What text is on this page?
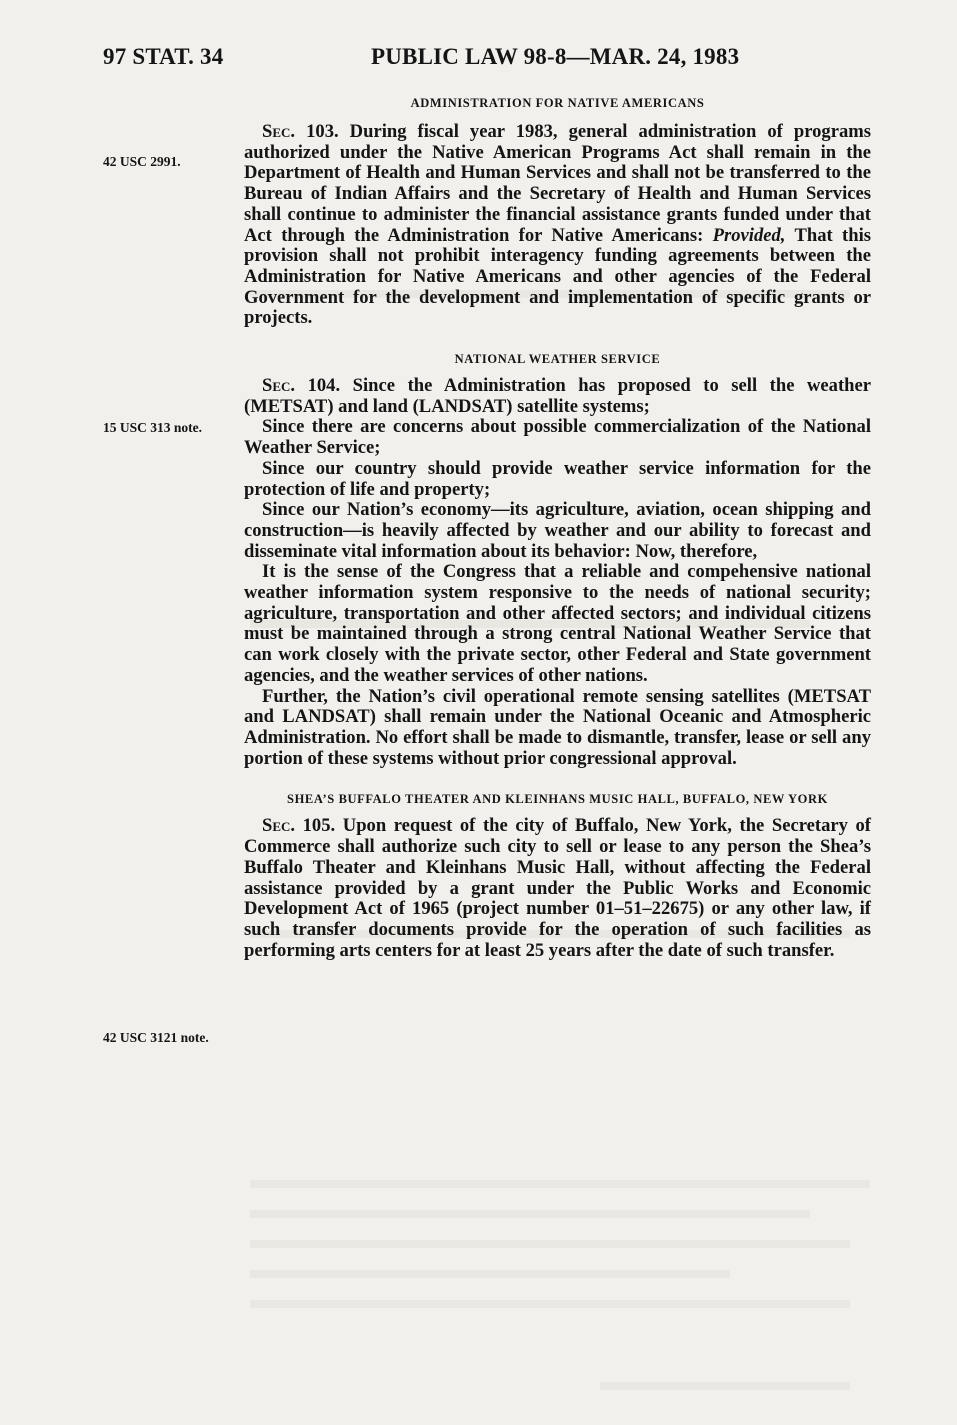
97 STAT. 34	PUBLIC LAW 98-8—MAR. 24, 1983
42 USC 2991.
15 USC 313 note.
42 USC 3121 note.
ADMINISTRATION FOR NATIVE AMERICANS

Sec. 103. During fiscal year 1983, general administration of programs authorized under the Native American Programs Act shall remain in the Department of Health and Human Services and shall not be transferred to the Bureau of Indian Affairs and the Secretary of Health and Human Services shall continue to administer the financial assistance grants funded under that Act through the Administration for Native Americans: Provided, That this provision shall not prohibit interagency funding agreements between the Administration for Native Americans and other agencies of the Federal Government for the development and implementation of specific grants or projects.

NATIONAL WEATHER SERVICE

Sec. 104. Since the Administration has proposed to sell the weather (METSAT) and land (LANDSAT) satellite systems;

Since there are concerns about possible commercialization of the National Weather Service;

Since our country should provide weather service information for the protection of life and property;

Since our Nation’s economy—its agriculture, aviation, ocean shipping and construction—is heavily affected by weather and our ability to forecast and disseminate vital information about its behavior: Now, therefore,

It is the sense of the Congress that a reliable and compehensive national weather information system responsive to the needs of national security; agriculture, transportation and other affected sectors; and individual citizens must be maintained through a strong central National Weather Service that can work closely with the private sector, other Federal and State government agencies, and the weather services of other nations.

Further, the Nation’s civil operational remote sensing satellites (METSAT and LANDSAT) shall remain under the National Oceanic and Atmospheric Administration. No effort shall be made to dismantle, transfer, lease or sell any portion of these systems without prior congressional approval.

SHEA’S BUFFALO THEATER AND KLEINHANS MUSIC HALL, BUFFALO, NEW YORK

Sec. 105. Upon request of the city of Buffalo, New York, the Secretary of Commerce shall authorize such city to sell or lease to any person the Shea’s Buffalo Theater and Kleinhans Music Hall, without affecting the Federal assistance provided by a grant under the Public Works and Economic Development Act of 1965 (project number 01–51–22675) or any other law, if such transfer documents provide for the operation of such facilities as performing arts centers for at least 25 years after the date of such transfer.
